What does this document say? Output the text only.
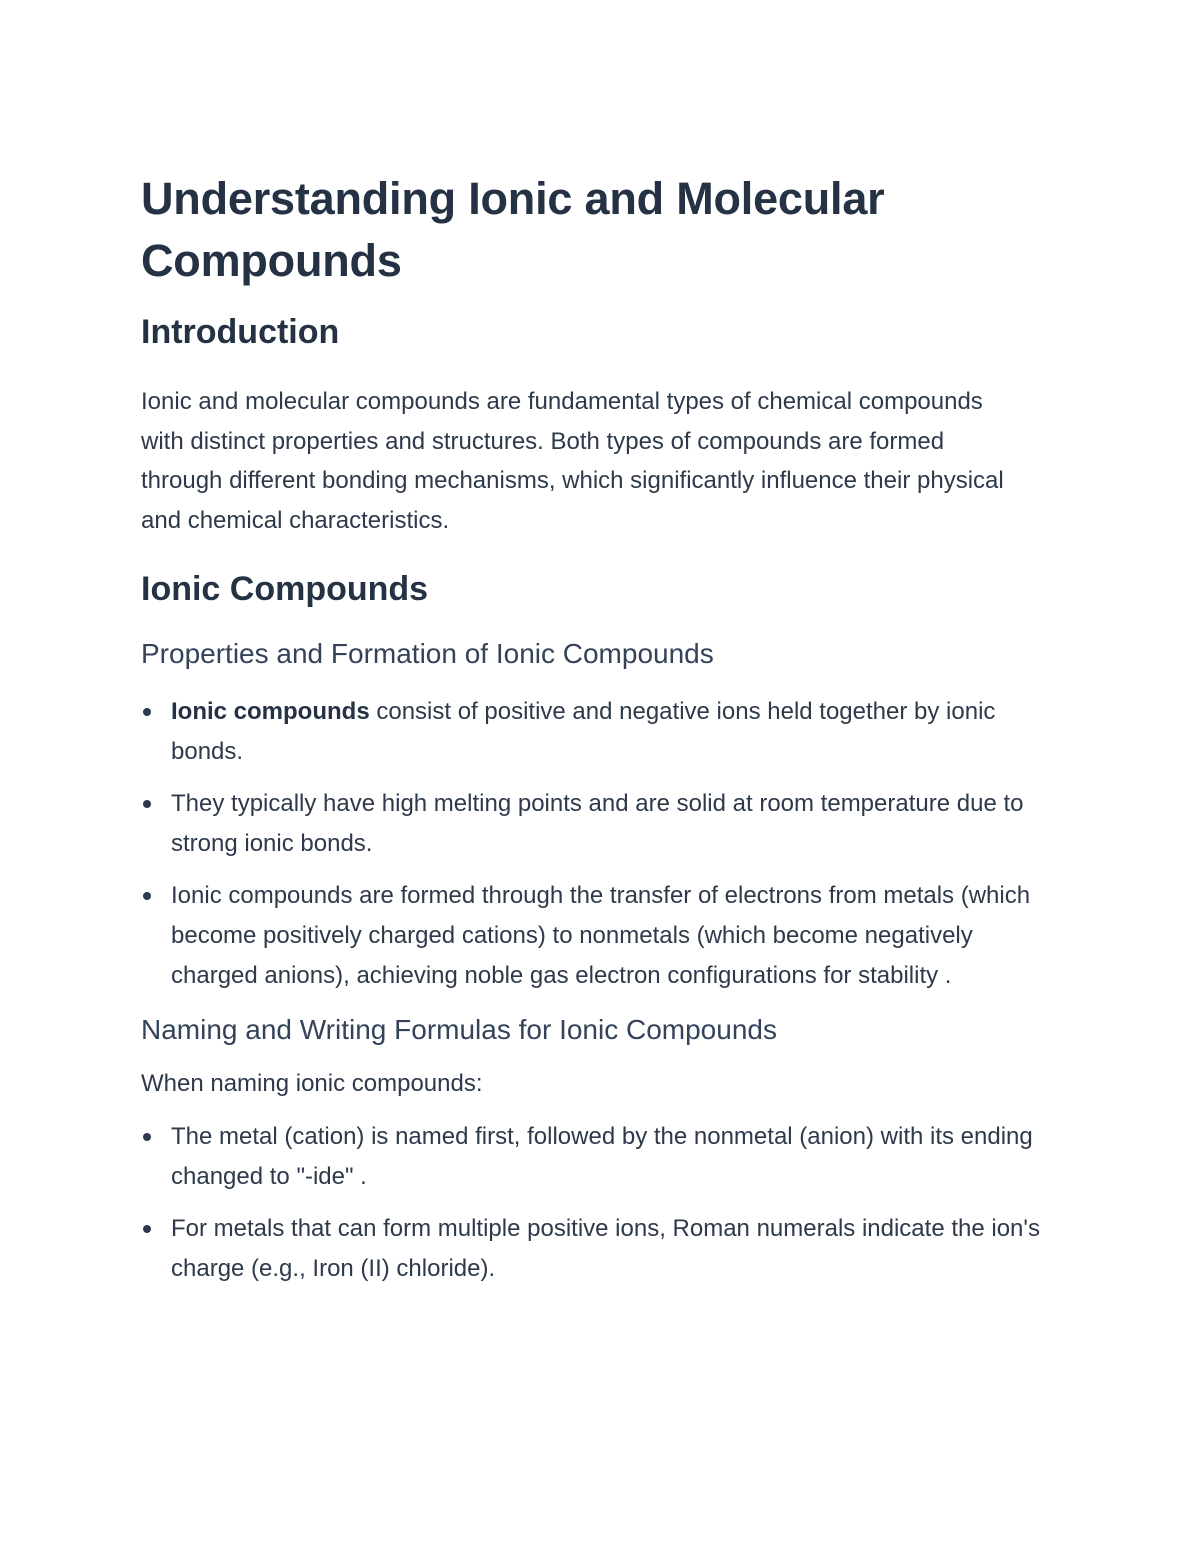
Understanding Ionic and Molecular Compounds
Introduction

Ionic and molecular compounds are fundamental types of chemical compounds with distinct properties and structures. Both types of compounds are formed through different bonding mechanisms, which significantly influence their physical and chemical characteristics.

Ionic Compounds
Properties and Formation of Ionic Compounds
Ionic compounds consist of positive and negative ions held together by ionic bonds.
They typically have high melting points and are solid at room temperature due to strong ionic bonds.
Ionic compounds are formed through the transfer of electrons from metals (which become positively charged cations) to nonmetals (which become negatively charged anions), achieving noble gas electron configurations for stability .
Naming and Writing Formulas for Ionic Compounds

When naming ionic compounds:

The metal (cation) is named first, followed by the nonmetal (anion) with its ending changed to "-ide" .
For metals that can form multiple positive ions, Roman numerals indicate the ion's charge (e.g., Iron (II) chloride).
